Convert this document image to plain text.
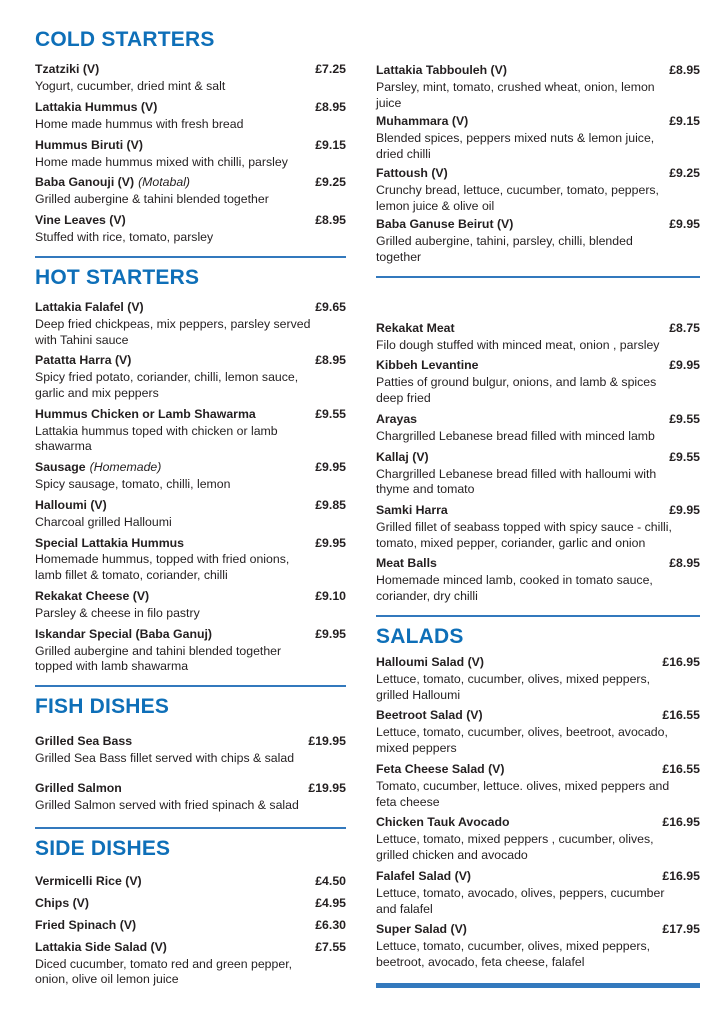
COLD STARTERS
Tzatziki (V)	£7.25
Yogurt, cucumber, dried mint & salt
Lattakia Hummus (V)	£8.95
Home made hummus with fresh bread
Hummus Biruti (V)	£9.15
Home made hummus mixed with chilli, parsley
Baba Ganouji (V) (Motabal)	£9.25
Grilled aubergine & tahini blended together
Vine Leaves (V)	£8.95
Stuffed with rice, tomato, parsley
HOT STARTERS
Lattakia Falafel (V)	£9.65
Deep fried chickpeas, mix peppers, parsley served with Tahini sauce
Patatta Harra (V)	£8.95
Spicy fried potato, coriander, chilli, lemon sauce, garlic and mix peppers
Hummus Chicken or Lamb Shawarma	£9.55
Lattakia hummus toped with chicken or lamb shawarma
Sausage (Homemade)	£9.95
Spicy sausage, tomato, chilli, lemon
Halloumi (V)	£9.85
Charcoal grilled Halloumi
Special Lattakia Hummus	£9.95
Homemade hummus, topped with fried onions, lamb fillet & tomato, coriander, chilli
Rekakat Cheese (V)	£9.10
Parsley & cheese in filo pastry
Iskandar Special (Baba Ganuj)	£9.95
Grilled aubergine and tahini blended together topped with lamb shawarma
FISH DISHES
Grilled Sea Bass	£19.95
Grilled Sea Bass fillet served with chips & salad
Grilled Salmon	£19.95
Grilled Salmon served with fried spinach & salad
SIDE DISHES
Vermicelli Rice (V)	£4.50
Chips (V)	£4.95
Fried Spinach (V)	£6.30
Lattakia Side Salad (V)	£7.55
Diced cucumber, tomato red and green pepper, onion, olive oil lemon juice
Lattakia Tabbouleh (V)	£8.95
Parsley, mint, tomato, crushed wheat, onion, lemon juice
Muhammara (V)	£9.15
Blended spices, peppers mixed nuts & lemon juice, dried chilli
Fattoush (V)	£9.25
Crunchy bread, lettuce, cucumber, tomato, peppers, lemon juice & olive oil
Baba Ganuse Beirut (V)	£9.95
Grilled aubergine, tahini, parsley, chilli, blended together
Rekakat Meat	£8.75
Filo dough stuffed with minced meat, onion , parsley
Kibbeh Levantine	£9.95
Patties of ground bulgur, onions, and lamb & spices deep fried
Arayas	£9.55
Chargrilled Lebanese bread filled with minced lamb
Kallaj (V)	£9.55
Chargrilled Lebanese bread filled with halloumi with thyme and tomato
Samki Harra	£9.95
Grilled fillet of seabass topped with spicy sauce - chilli, tomato, mixed pepper, coriander, garlic and onion
Meat Balls	£8.95
Homemade minced lamb, cooked in tomato sauce, coriander, dry chilli
SALADS
Halloumi Salad (V)	£16.95
Lettuce, tomato, cucumber, olives, mixed peppers, grilled Halloumi
Beetroot Salad (V)	£16.55
Lettuce, tomato, cucumber, olives, beetroot, avocado, mixed peppers
Feta Cheese Salad (V)	£16.55
Tomato, cucumber, lettuce. olives, mixed peppers and feta cheese
Chicken Tauk Avocado	£16.95
Lettuce, tomato, mixed peppers , cucumber, olives, grilled chicken and avocado
Falafel Salad (V)	£16.95
Lettuce, tomato, avocado, olives, peppers, cucumber and falafel
Super Salad (V)	£17.95
Lettuce, tomato, cucumber, olives, mixed peppers, beetroot, avocado, feta cheese, falafel
